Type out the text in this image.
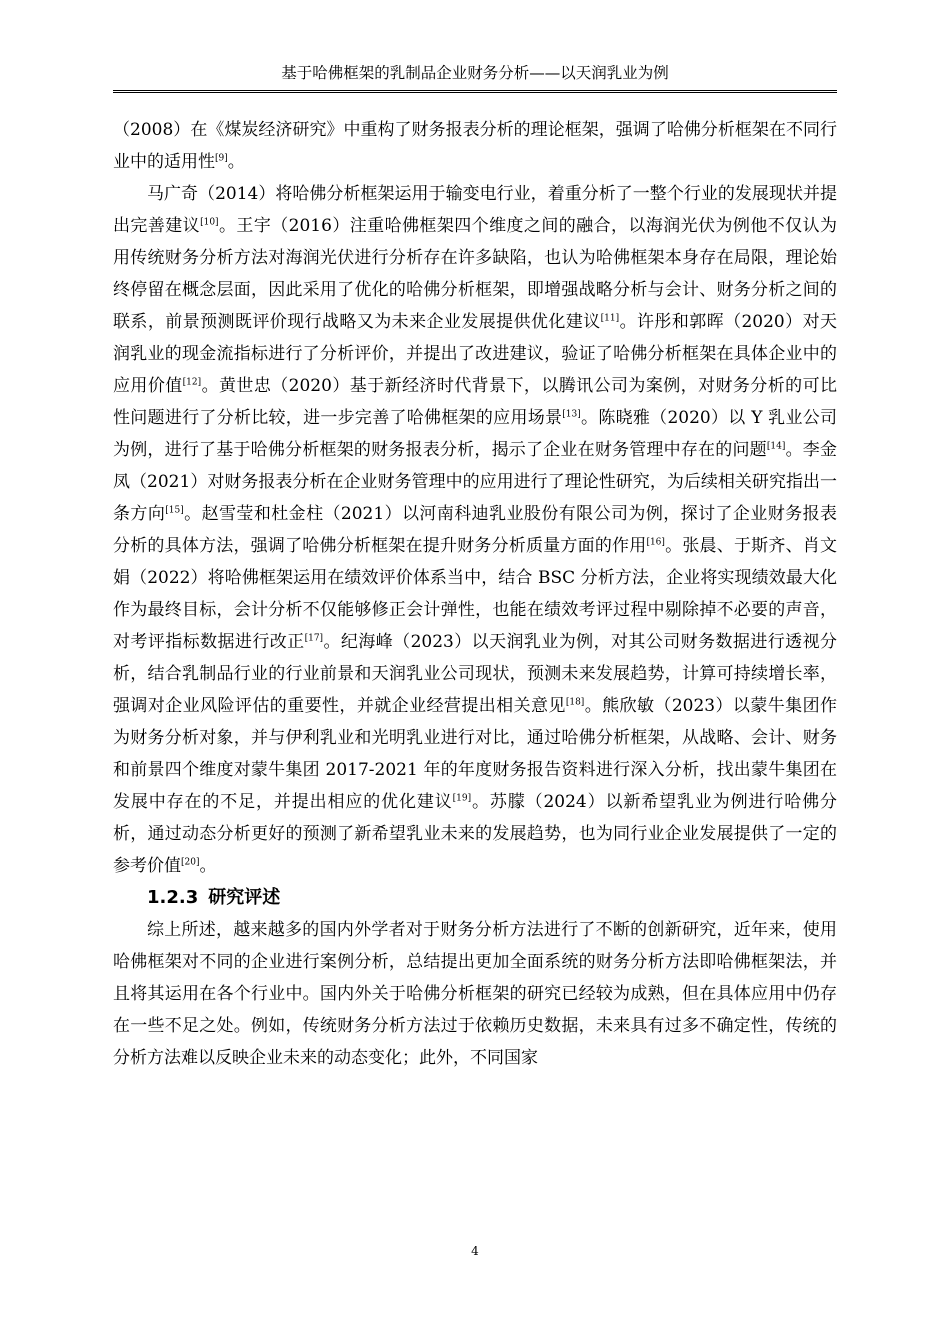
基于哈佛框架的乳制品企业财务分析——以天润乳业为例

（2008）在《煤炭经济研究》中重构了财务报表分析的理论框架，强调了哈佛分析框架在不同行业中的适用性[9]。

马广奇（2014）将哈佛分析框架运用于输变电行业，着重分析了一整个行业的发展现状并提出完善建议[10]。王宇（2016）注重哈佛框架四个维度之间的融合，以海润光伏为例他不仅认为用传统财务分析方法对海润光伏进行分析存在许多缺陷，也认为哈佛框架本身存在局限，理论始终停留在概念层面，因此采用了优化的哈佛分析框架，即增强战略分析与会计、财务分析之间的联系，前景预测既评价现行战略又为未来企业发展提供优化建议[11]。许彤和郭晖（2020）对天润乳业的现金流指标进行了分析评价，并提出了改进建议，验证了哈佛分析框架在具体企业中的应用价值[12]。黄世忠（2020）基于新经济时代背景下，以腾讯公司为案例，对财务分析的可比性问题进行了分析比较，进一步完善了哈佛框架的应用场景[13]。陈晓雅（2020）以 Y 乳业公司为例，进行了基于哈佛分析框架的财务报表分析，揭示了企业在财务管理中存在的问题[14]。李金凤（2021）对财务报表分析在企业财务管理中的应用进行了理论性研究，为后续相关研究指出一条方向[15]。赵雪莹和杜金柱（2021）以河南科迪乳业股份有限公司为例，探讨了企业财务报表分析的具体方法，强调了哈佛分析框架在提升财务分析质量方面的作用[16]。张晨、于斯齐、肖文娟（2022）将哈佛框架运用在绩效评价体系当中，结合 BSC 分析方法，企业将实现绩效最大化作为最终目标，会计分析不仅能够修正会计弹性，也能在绩效考评过程中剔除掉不必要的声音，对考评指标数据进行改正[17]。纪海峰（2023）以天润乳业为例，对其公司财务数据进行透视分析，结合乳制品行业的行业前景和天润乳业公司现状，预测未来发展趋势，计算可持续增长率，强调对企业风险评估的重要性，并就企业经营提出相关意见[18]。熊欣敏（2023）以蒙牛集团作为财务分析对象，并与伊利乳业和光明乳业进行对比，通过哈佛分析框架，从战略、会计、财务和前景四个维度对蒙牛集团 2017-2021 年的年度财务报告资料进行深入分析，找出蒙牛集团在发展中存在的不足，并提出相应的优化建议[19]。苏朦（2024）以新希望乳业为例进行哈佛分析，通过动态分析更好的预测了新希望乳业未来的发展趋势，也为同行业企业发展提供了一定的参考价值[20]。

1.2.3 研究评述

综上所述，越来越多的国内外学者对于财务分析方法进行了不断的创新研究，近年来，使用哈佛框架对不同的企业进行案例分析，总结提出更加全面系统的财务分析方法即哈佛框架法，并且将其运用在各个行业中。国内外关于哈佛分析框架的研究已经较为成熟，但在具体应用中仍存在一些不足之处。例如，传统财务分析方法过于依赖历史数据，未来具有过多不确定性，传统的分析方法难以反映企业未来的动态变化；此外，不同国家

4
